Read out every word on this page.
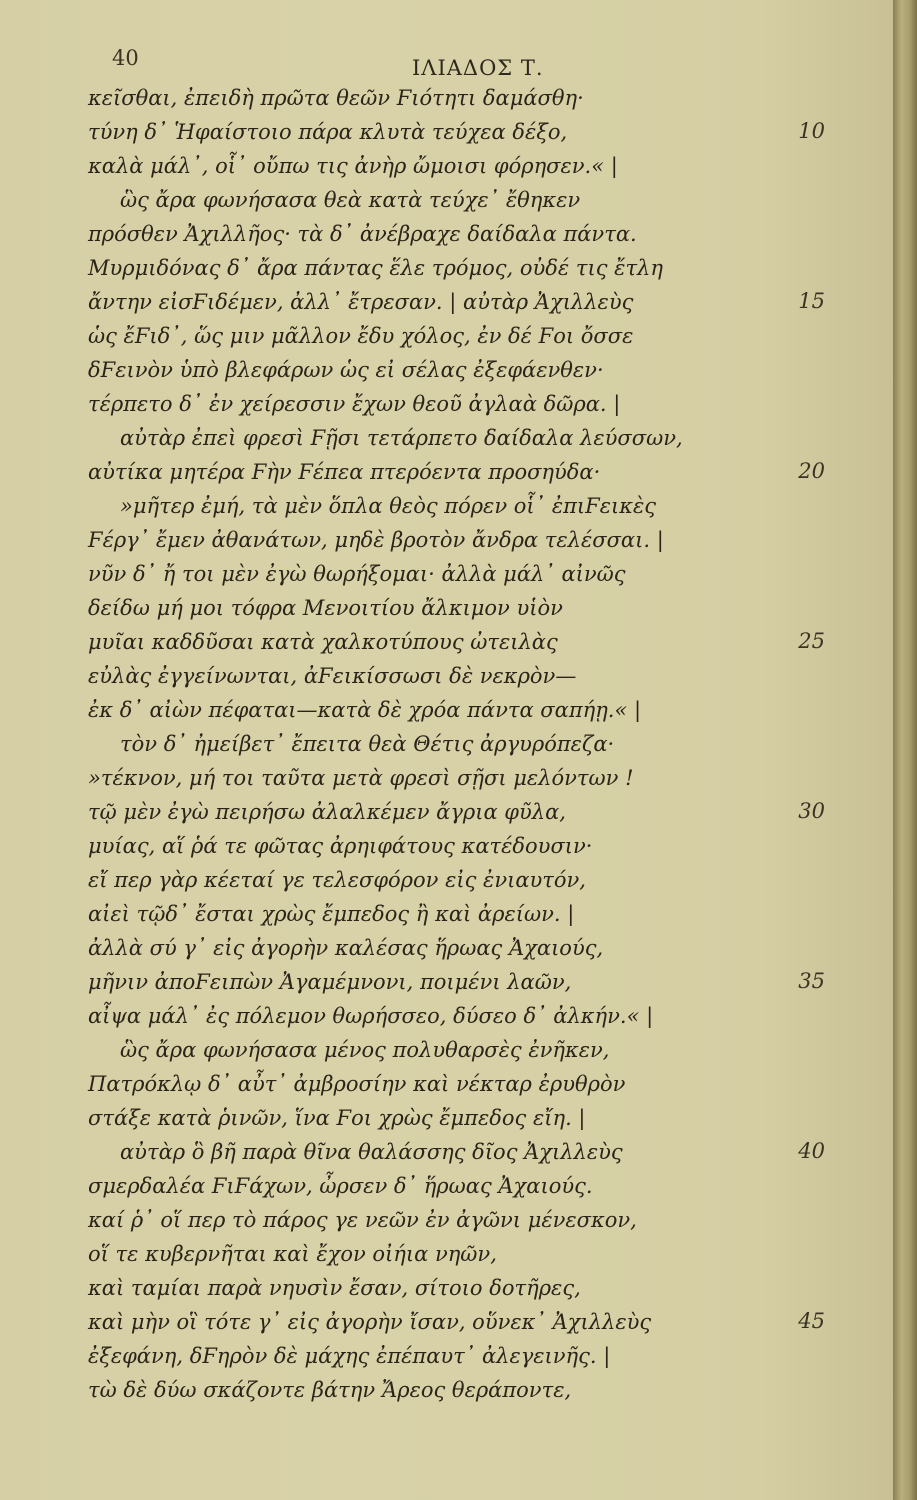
40	ΙΛΙΑΔΟΣ Τ.
κεῖσθαι, ἐπειδὴ πρῶτα θεῶν Ϝιότητι δαμάσθη·
τύνη δ᾽ Ἡφαίστοιο πάρα κλυτὰ τεύχεα δέξο,	10
καλὰ μάλ᾽, οἷ᾽ οὔπω τις ἀνὴρ ὤμοισι φόρησεν.« |
ὣς ἄρα φωνήσασα θεὰ κατὰ τεύχε᾽ ἔθηκεν
πρόσθεν Ἀχιλλῆος· τὰ δ᾽ ἀνέβραχε δαίδαλα πάντα.
Μυρμιδόνας δ᾽ ἄρα πάντας ἕλε τρόμος, οὐδέ τις ἔτλη
ἄντην εἰσϜιδέμεν, ἀλλ᾽ ἔτρεσαν. | αὐτὰρ Ἀχιλλεὺς	15
ὡς ἔϜιδ᾽, ὥς μιν μᾶλλον ἔδυ χόλος, ἐν δέ Ϝοι ὄσσε
δϜεινὸν ὑπὸ βλεφάρων ὡς εἰ σέλας ἐξεφάενθεν·
τέρπετο δ᾽ ἐν χείρεσσιν ἔχων θεοῦ ἀγλαὰ δῶρα. |
αὐτὰρ ἐπεὶ φρεσὶ Ϝῇσι τετάρπετο δαίδαλα λεύσσων,
αὐτίκα μητέρα Ϝὴν Ϝέπεα πτερόεντα προσηύδα·	20
»μῆτερ ἐμή, τὰ μὲν ὅπλα θεὸς πόρεν οἷ᾽ ἐπιϜεικὲς
Ϝέργ᾽ ἔμεν ἀθανάτων, μηδὲ βροτὸν ἄνδρα τελέσσαι. |
νῦν δ᾽ ἤ τοι μὲν ἐγὼ θωρήξομαι· ἀλλὰ μάλ᾽ αἰνῶς
δείδω μή μοι τόφρα Μενοιτίου ἄλκιμον υἱὸν
μυῖαι καδδῦσαι κατὰ χαλκοτύπους ὠτειλὰς	25
εὐλὰς ἐγγείνωνται, ἀϜεικίσσωσι δὲ νεκρὸν—
ἐκ δ᾽ αἰὼν πέφαται—κατὰ δὲ χρόα πάντα σαπήῃ.« |
τὸν δ᾽ ἠμείβετ᾽ ἔπειτα θεὰ Θέτις ἀργυρόπεζα·
»τέκνον, μή τοι ταῦτα μετὰ φρεσὶ σῇσι μελόντων !
τῷ μὲν ἐγὼ πειρήσω ἀλαλκέμεν ἄγρια φῦλα,	30
μυίας, αἵ ῥά τε φῶτας ἀρηιφάτους κατέδουσιν·
εἴ περ γὰρ κέεταί γε τελεσφόρον εἰς ἐνιαυτόν,
αἰεὶ τῷδ᾽ ἔσται χρὼς ἔμπεδος ἢ καὶ ἀρείων. |
ἀλλὰ σύ γ᾽ εἰς ἀγορὴν καλέσας ἥρωας Ἀχαιούς,
μῆνιν ἀποϜειπὼν Ἀγαμέμνονι, ποιμένι λαῶν,	35
αἶψα μάλ᾽ ἐς πόλεμον θωρήσσεο, δύσεο δ᾽ ἀλκήν.« |
ὣς ἄρα φωνήσασα μένος πολυθαρσὲς ἐνῆκεν,
Πατρόκλῳ δ᾽ αὖτ᾽ ἀμβροσίην καὶ νέκταρ ἐρυθρὸν
στάξε κατὰ ῥινῶν, ἵνα Ϝοι χρὼς ἔμπεδος εἴη. |
αὐτὰρ ὃ βῆ παρὰ θῖνα θαλάσσης δῖος Ἀχιλλεὺς	40
σμερδαλέα ϜιϜάχων, ὦρσεν δ᾽ ἥρωας Ἀχαιούς.
καί ῥ᾽ οἵ περ τὸ πάρος γε νεῶν ἐν ἀγῶνι μένεσκον,
οἵ τε κυβερνῆται καὶ ἔχον οἰήια νηῶν,
καὶ ταμίαι παρὰ νηυσὶν ἔσαν, σίτοιο δοτῆρες,
καὶ μὴν οἳ τότε γ᾽ εἰς ἀγορὴν ἴσαν, οὕνεκ᾽ Ἀχιλλεὺς	45
ἐξεφάνη, δϜηρὸν δὲ μάχης ἐπέπαυτ᾽ ἀλεγεινῆς. |
τὼ δὲ δύω σκάζοντε βάτην Ἄρεος θεράποντε,
